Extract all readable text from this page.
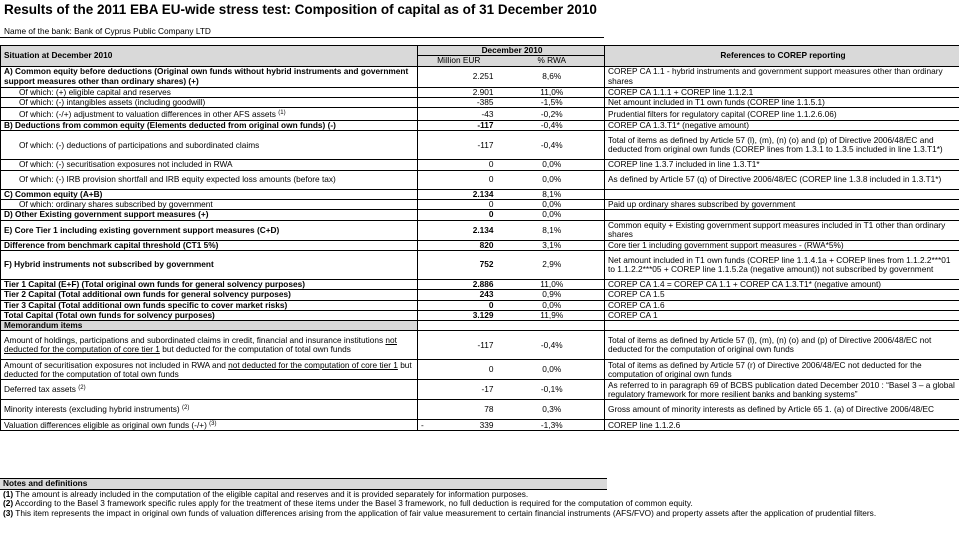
Results of the 2011 EBA EU-wide stress test: Composition of capital as of 31 December 2010
Name of the bank: Bank of Cyprus Public Company LTD
Situation at December 2010	December 2010		References to COREP reporting
	Million EUR	% RWA	
A) Common equity before deductions (Original own funds without hybrid instruments and government support measures other than ordinary shares) (+)	2.251	8,6%	COREP CA 1.1 - hybrid instruments and government support measures other than ordinary shares
Of which: (+) eligible capital and reserves	2.901	11,0%	COREP CA 1.1.1 + COREP line 1.1.2.1
Of which: (-) intangibles assets (including goodwill)	-385	-1,5%	Net amount included in T1 own funds (COREP line 1.1.5.1)
Of which: (-/+) adjustment to valuation differences in other AFS assets $^{(1)}$	-43	-0,2%	Prudential filters for regulatory capital (COREP line 1.1.2.6.06)
B) Deductions from common equity (Elements deducted from original own funds) (-)	-117	-0,4%	COREP CA 1.3.T1* (negative amount)
Of which: (-) deductions of participations and subordinated claims	-117	-0,4%	Total of items as defined by Article 57 (l), (m), (n) (o) and (p) of Directive 2006/48/EC and deducted from original own funds (COREP lines from 1.3.1 to 1.3.5 included in line 1.3.T1*)
Of which: (-) securitisation exposures not included in RWA	0	0,0%	COREP line 1.3.7 included in line 1.3.T1*
Of which: (-) IRB provision shortfall and IRB equity expected loss amounts (before tax)	0	0,0%	As defined by Article 57 (q) of Directive 2006/48/EC (COREP line 1.3.8 included in 1.3.T1*)
C) Common equity (A+B)	2.134	8,1%	
Of which: ordinary shares subscribed by government	0	0,0%	Paid up ordinary shares subscribed by government
D) Other Existing government support measures (+)	0	0,0%	
E) Core Tier 1 including existing government support measures (C+D)	2.134	8,1%	Common equity + Existing government support measures included in T1 other than ordinary shares
Difference from benchmark capital threshold (CT1 5%)	820	3,1%	Core tier 1 including government support measures - (RWA*5%)
F) Hybrid instruments not subscribed by government	752	2,9%	Net amount included in T1 own funds (COREP line 1.1.4.1a + COREP lines from 1.1.2.2***01 to 1.1.2.2***05 + COREP line 1.1.5.2a (negative amount)) not subscribed by government
Tier 1 Capital (E+F) (Total original own funds for general solvency purposes)	2.886	11,0%	COREP CA 1.4 = COREP CA 1.1 + COREP CA 1.3.T1* (negative amount)
Tier 2 Capital (Total additional own funds for general solvency purposes)	243	0,9%	COREP CA 1.5
Tier 3 Capital (Total additional own funds specific to cover market risks)	0	0,0%	COREP CA 1.6
Total Capital (Total own funds for solvency purposes)	3.129	11,9%	COREP CA 1
Memorandum items			
Amount of holdings, participations and subordinated claims in credit, financial and insurance institutions not deducted for the computation of core tier 1 but deducted for the computation of total own funds	-117	-0,4%	Total of items as defined by Article 57 (l), (m), (n) (o) and (p) of Directive 2006/48/EC not deducted for the computation of original own funds
Amount of securitisation exposures not included in RWA and not deducted for the computation of core tier 1 but deducted for the computation of total own funds	0	0,0%	Total of items as defined by Article 57 (r) of Directive 2006/48/EC not deducted for the computation of original own funds
Deferred tax assets $^{(2)}$	-17	-0,1%	As referred to in paragraph 69 of BCBS publication dated December 2010 : “Basel 3 – a global regulatory framework for more resilient banks and banking systems”
Minority interests (excluding hybrid instruments) $^{(2)}$	78	0,3%	Gross amount of minority interests as defined by Article 65 1. (a) of Directive 2006/48/EC
Valuation differences eligible as original own funds (-/+) $^{(3)}$	- 339	-1,3%	COREP line 1.1.2.6
Notes and definitions
(1) The amount is already included in the computation of the eligible capital and reserves and it is provided separately for information purposes.
(2) According to the Basel 3 framework specific rules apply for the treatment of these items under the Basel 3 framework, no full deduction is required for the computation of common equity.
(3) This item represents the impact in original own funds of valuation differences arising from the application of fair value measurement to certain financial instruments (AFS/FVO) and property assets after the application of prudential filters.
